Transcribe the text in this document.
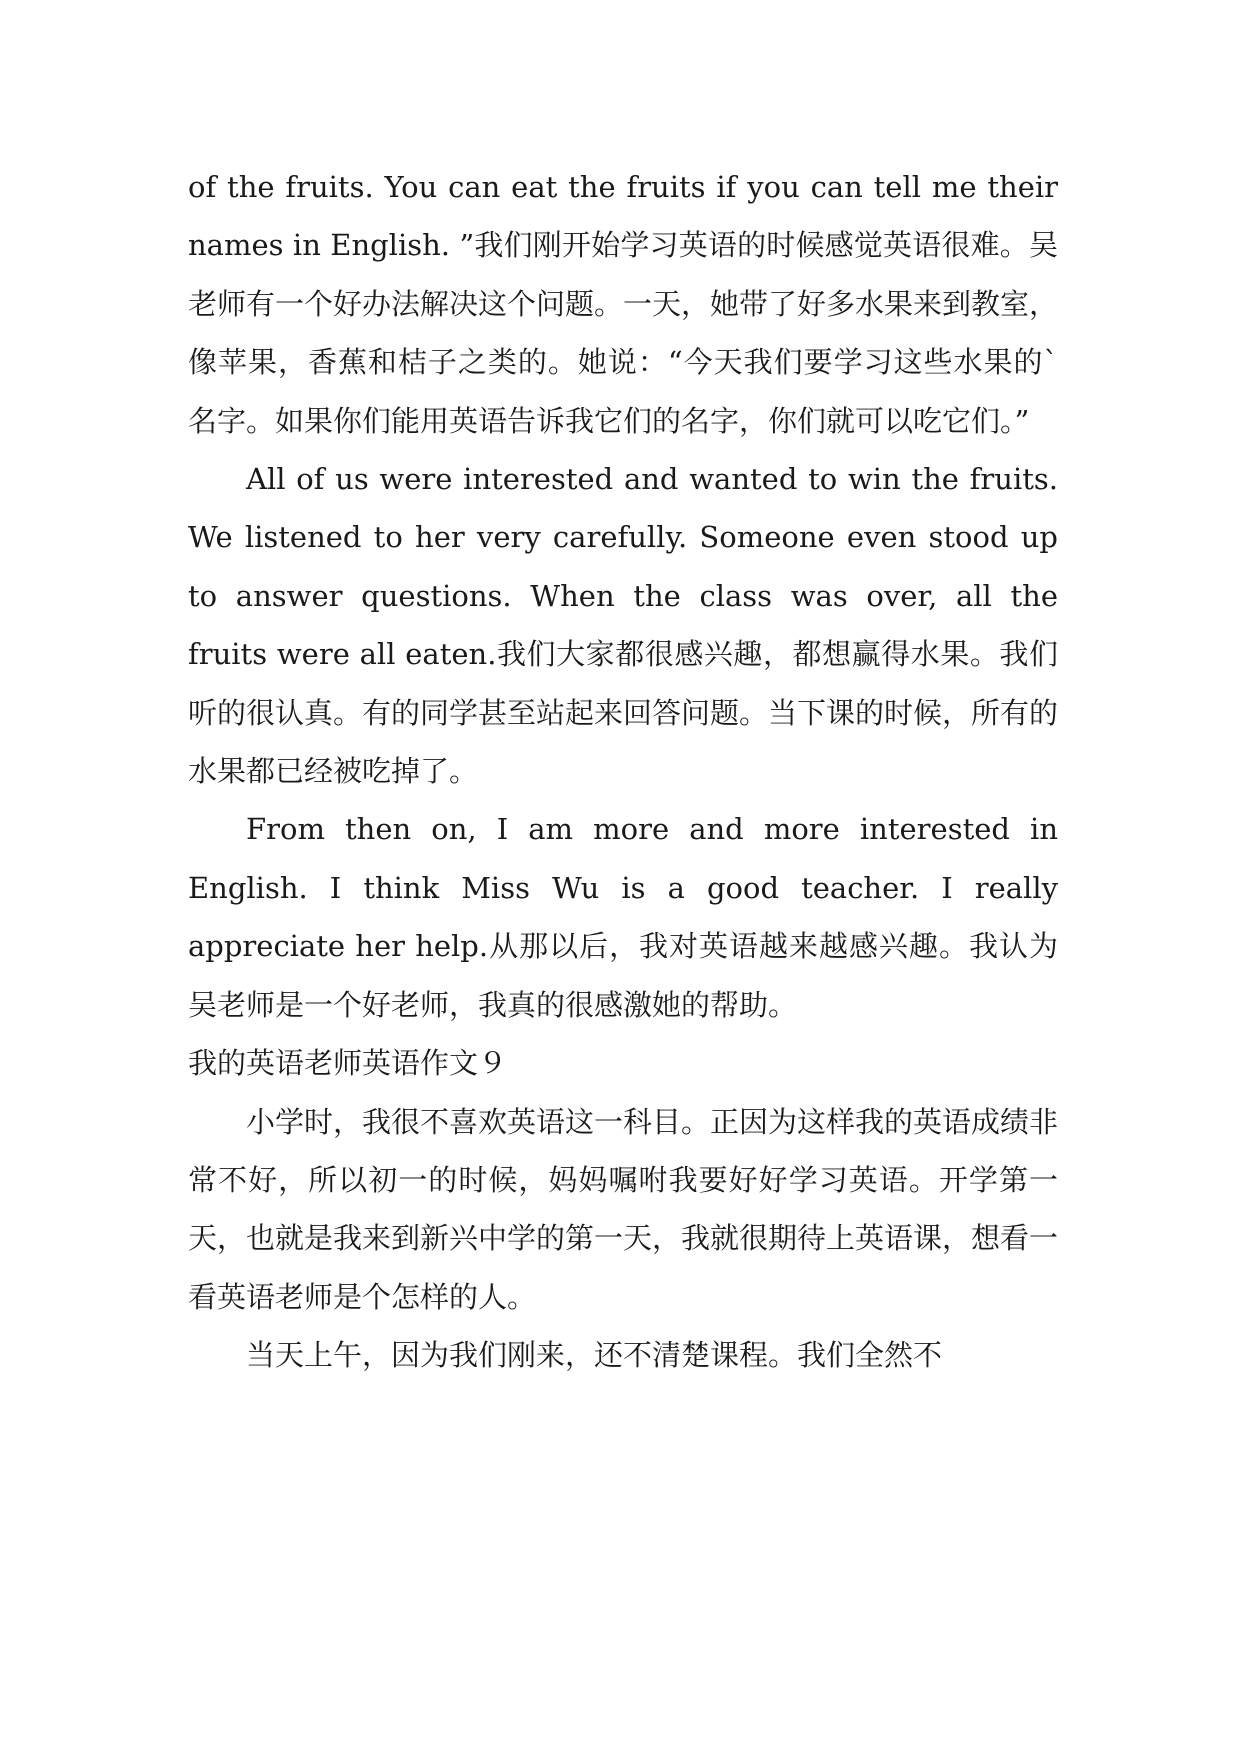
of the fruits. You can eat the fruits if you can tell me their names in English. ”我们刚开始学习英语的时候感觉英语很难。吴老师有一个好办法解决这个问题。一天，她带了好多水果来到教室，像苹果，香蕉和桔子之类的。她说：“今天我们要学习这些水果的`名字。如果你们能用英语告诉我它们的名字，你们就可以吃它们。”

All of us were interested and wanted to win the fruits. We listened to her very carefully. Someone even stood up to answer questions. When the class was over, all the fruits were all eaten.我们大家都很感兴趣，都想赢得水果。我们听的很认真。有的同学甚至站起来回答问题。当下课的时候，所有的水果都已经被吃掉了。

From then on, I am more and more interested in English. I think Miss Wu is a good teacher. I really appreciate her help.从那以后，我对英语越来越感兴趣。我认为吴老师是一个好老师，我真的很感激她的帮助。

我的英语老师英语作文９

小学时，我很不喜欢英语这一科目。正因为这样我的英语成绩非常不好，所以初一的时候，妈妈嘱咐我要好好学习英语。开学第一天，也就是我来到新兴中学的第一天，我就很期待上英语课，想看一看英语老师是个怎样的人。

当天上午，因为我们刚来，还不清楚课程。我们全然不
